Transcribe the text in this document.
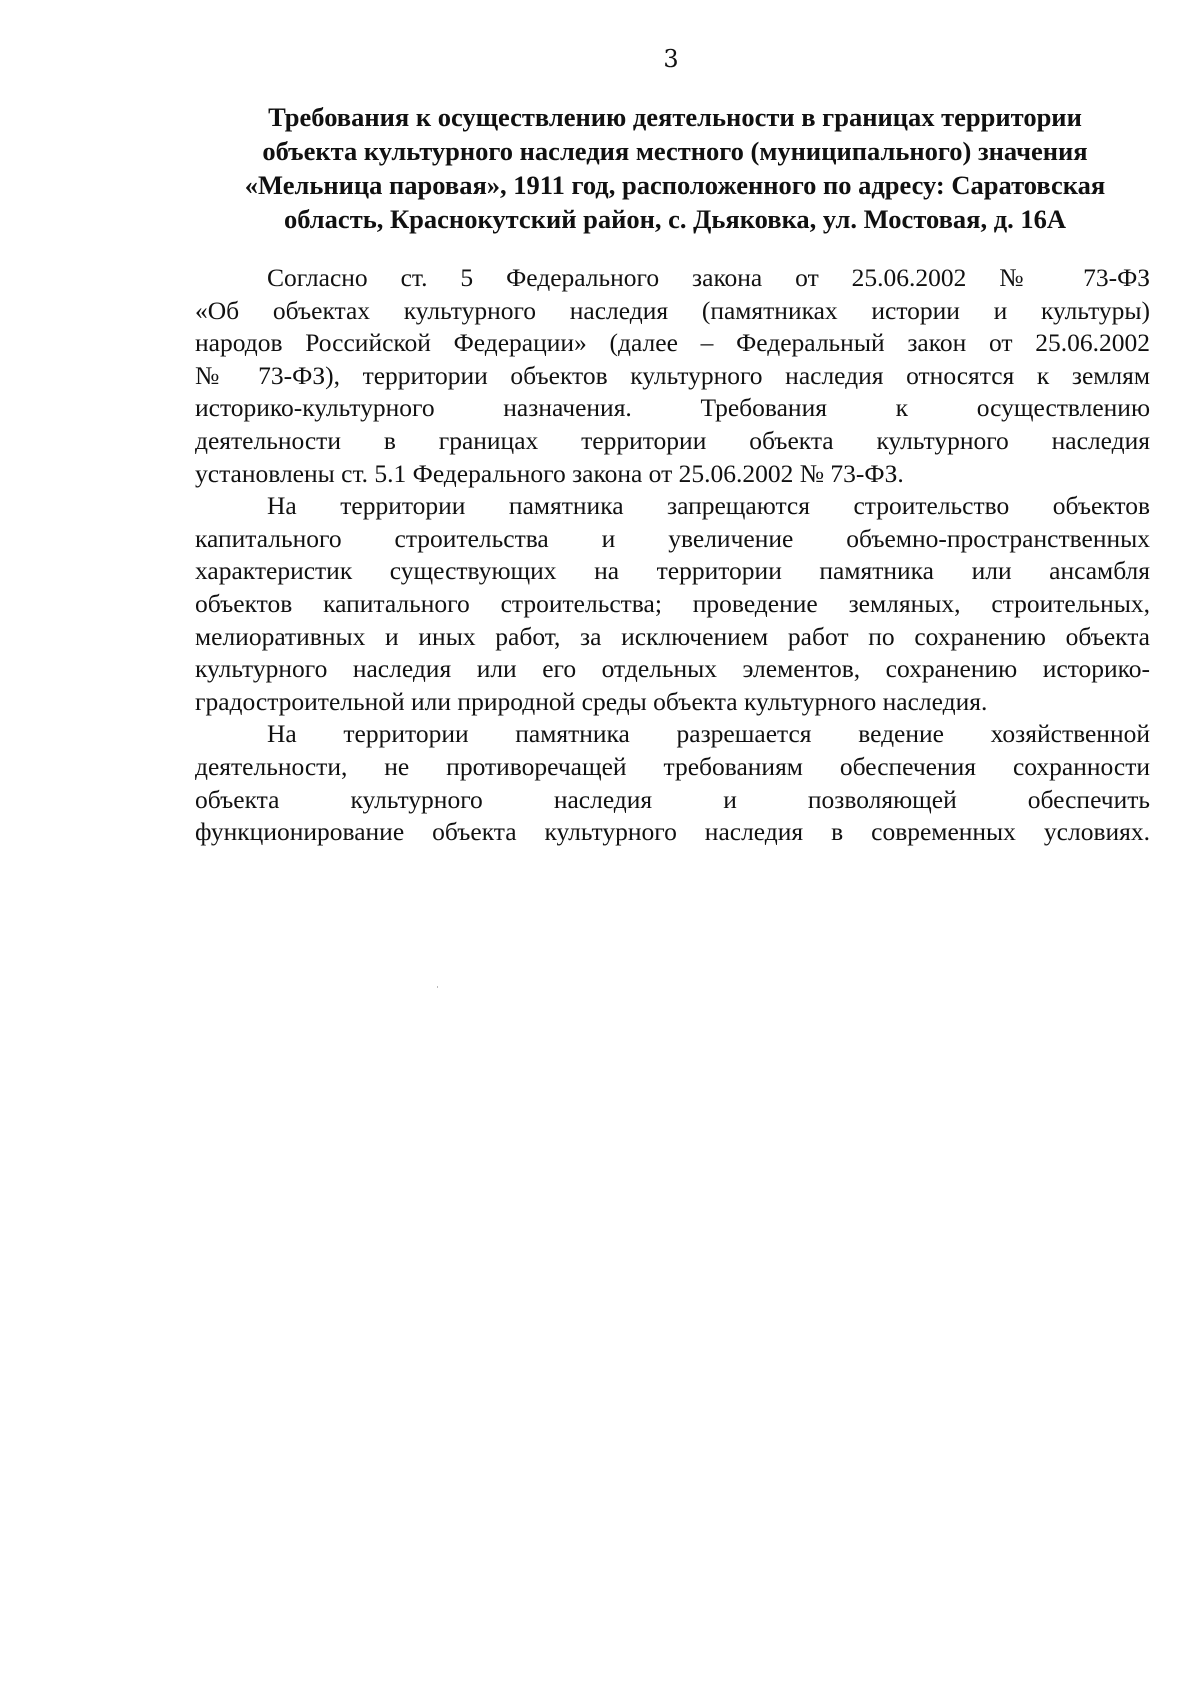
3
Требования к осуществлению деятельности в границах территории
объекта культурного наследия местного (муниципального) значения
«Мельница паровая», 1911 год, расположенного по адресу: Саратовская
область, Краснокутский район, с. Дьяковка, ул. Мостовая, д. 16А

Согласно ст. 5 Федерального закона от 25.06.2002 № 73-ФЗ
«Об объектах культурного наследия (памятниках истории и культуры)
народов Российской Федерации» (далее – Федеральный закон от 25.06.2002
№ 73-ФЗ), территории объектов культурного наследия относятся к землям
историко-культурного назначения. Требования к осуществлению
деятельности в границах территории объекта культурного наследия
установлены ст. 5.1 Федерального закона от 25.06.2002 № 73-ФЗ.

На территории памятника запрещаются строительство объектов
капитального строительства и увеличение объемно-пространственных
характеристик существующих на территории памятника или ансамбля
объектов капитального строительства; проведение земляных, строительных,
мелиоративных и иных работ, за исключением работ по сохранению объекта
культурного наследия или его отдельных элементов, сохранению историко-
градостроительной или природной среды объекта культурного наследия.

На территории памятника разрешается ведение хозяйственной
деятельности, не противоречащей требованиям обеспечения сохранности
объекта культурного наследия и позволяющей обеспечить
функционирование объекта культурного наследия в современных условиях.
